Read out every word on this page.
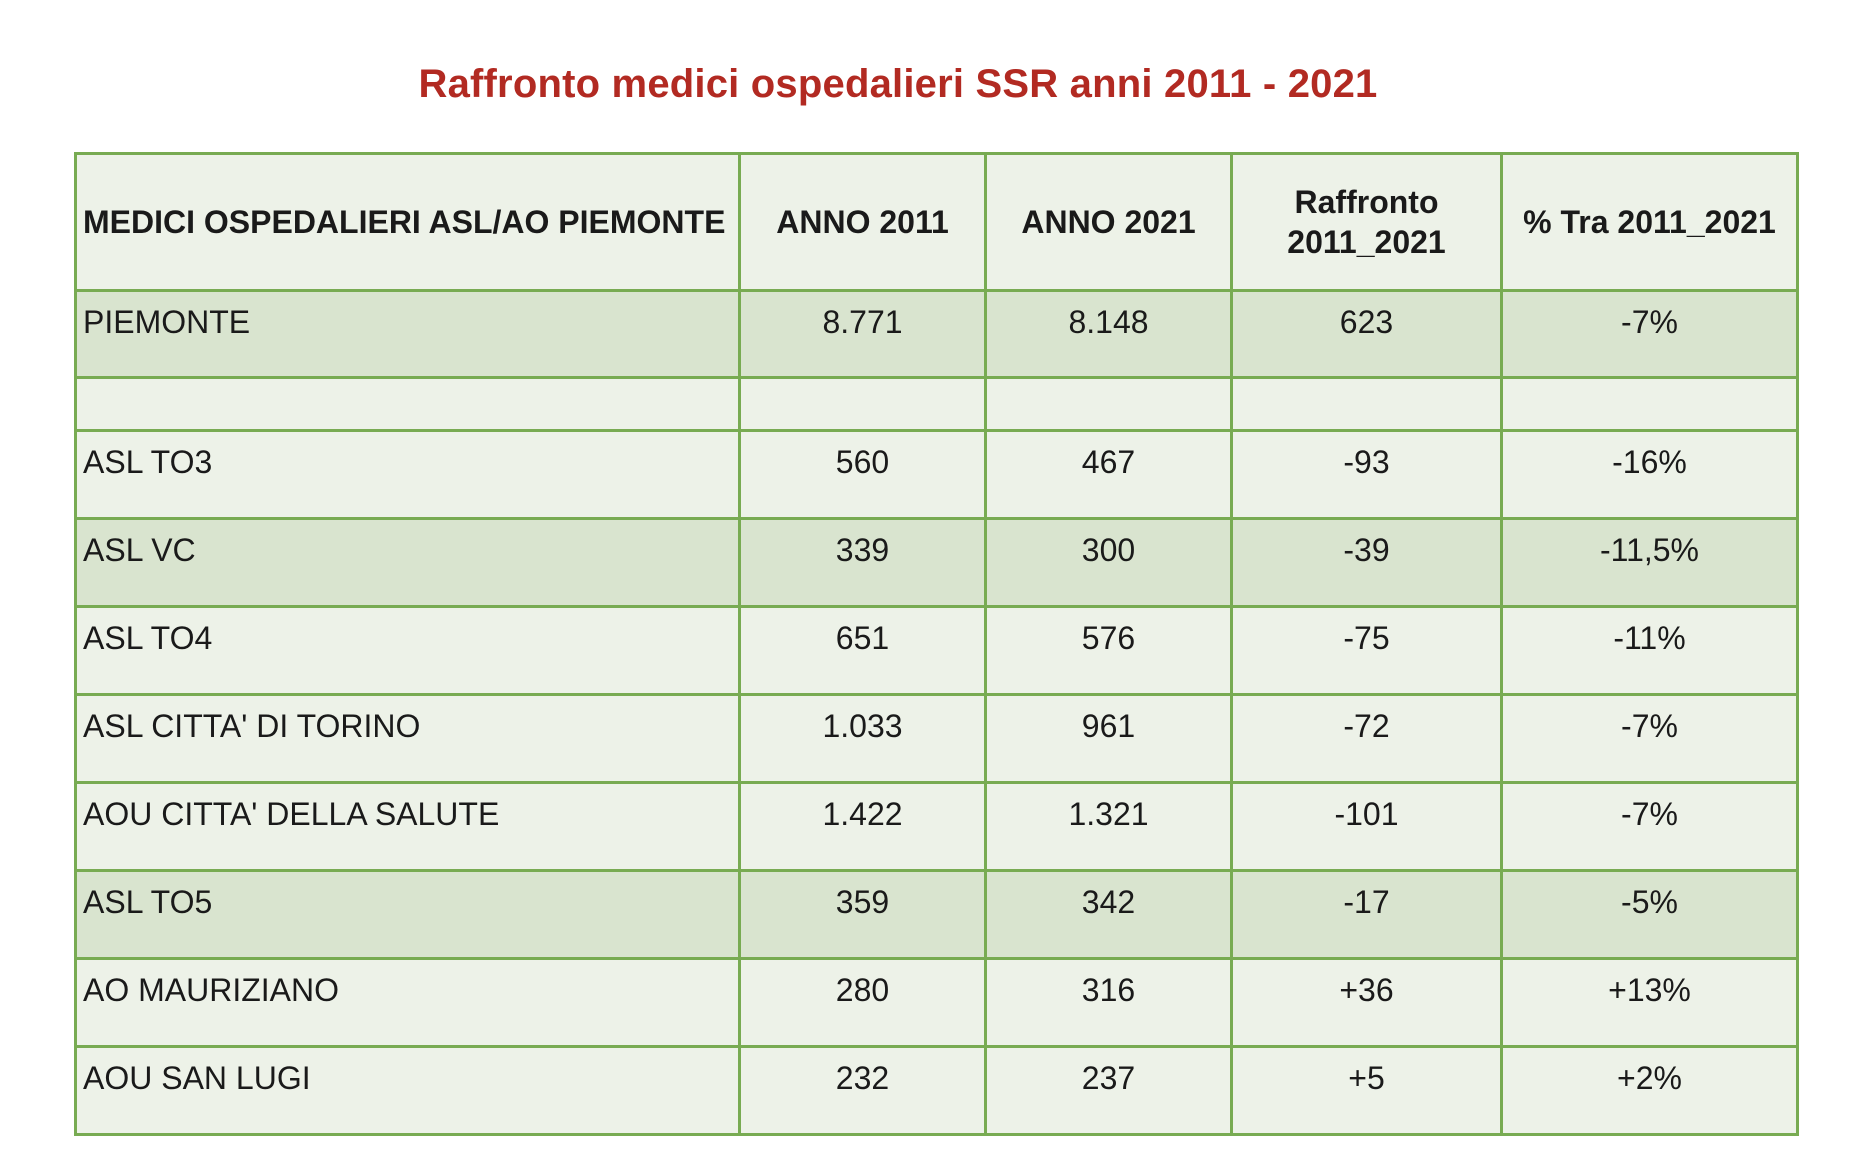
Raffronto medici ospedalieri SSR anni 2011 - 2021
MEDICI OSPEDALIERI ASL/AO PIEMONTE	ANNO 2011	ANNO 2021	Raffronto 2011_2021	% Tra 2011_2021
PIEMONTE	8.771	8.148	623	-7%

ASL TO3	560	467	-93	-16%
ASL VC	339	300	-39	-11,5%
ASL TO4	651	576	-75	-11%
ASL CITTA' DI TORINO	1.033	961	-72	-7%
AOU CITTA' DELLA SALUTE	1.422	1.321	-101	-7%
ASL TO5	359	342	-17	-5%
AO MAURIZIANO	280	316	+36	+13%
AOU SAN LUGI	232	237	+5	+2%
